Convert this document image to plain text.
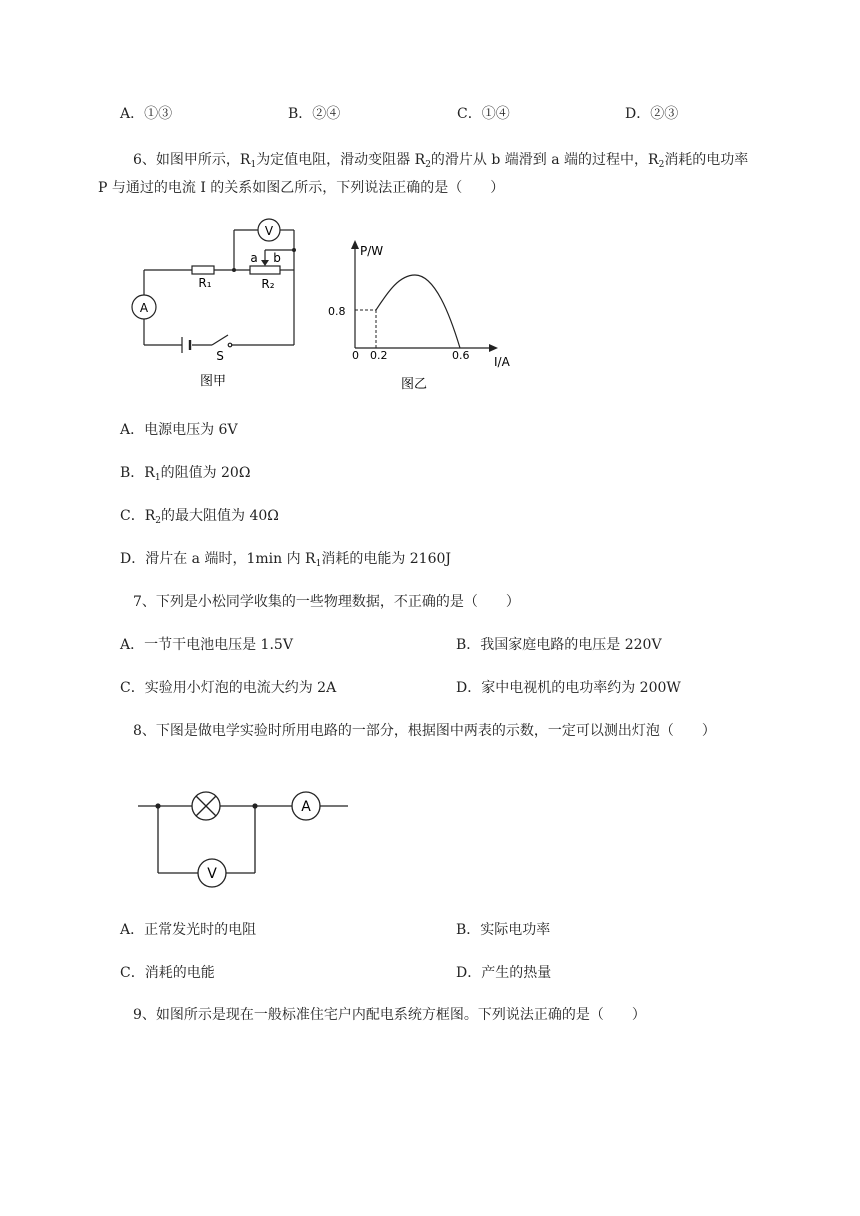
A．①③	B．②④	C．①④	D．②③
6、如图甲所示，$R_1$为定值电阻，滑动变阻器 $R_2$的滑片从 b 端滑到 a 端的过程中，$R_2$消耗的电功率
P 与通过的电流 I 的关系如图乙所示，下列说法正确的是（　　）
V
A
R₁	R₂
a b
S
图甲
P/W
I/A
0 0.2	0.6
0.8
图乙
A．电源电压为 6V
B．$R_1$的阻值为 20Ω
C．$R_2$的最大阻值为 40Ω
D．滑片在 a 端时，1min 内 $R_1$消耗的电能为 2160J
7、下列是小松同学收集的一些物理数据，不正确的是（　　）
A．一节干电池电压是 1.5V	B．我国家庭电路的电压是 220V
C．实验用小灯泡的电流大约为 2A	D．家中电视机的电功率约为 200W
8、下图是做电学实验时所用电路的一部分，根据图中两表的示数，一定可以测出灯泡（　　）
A
V
A．正常发光时的电阻	B．实际电功率
C．消耗的电能	D．产生的热量
9、如图所示是现在一般标准住宅户内配电系统方框图。下列说法正确的是（　　）
